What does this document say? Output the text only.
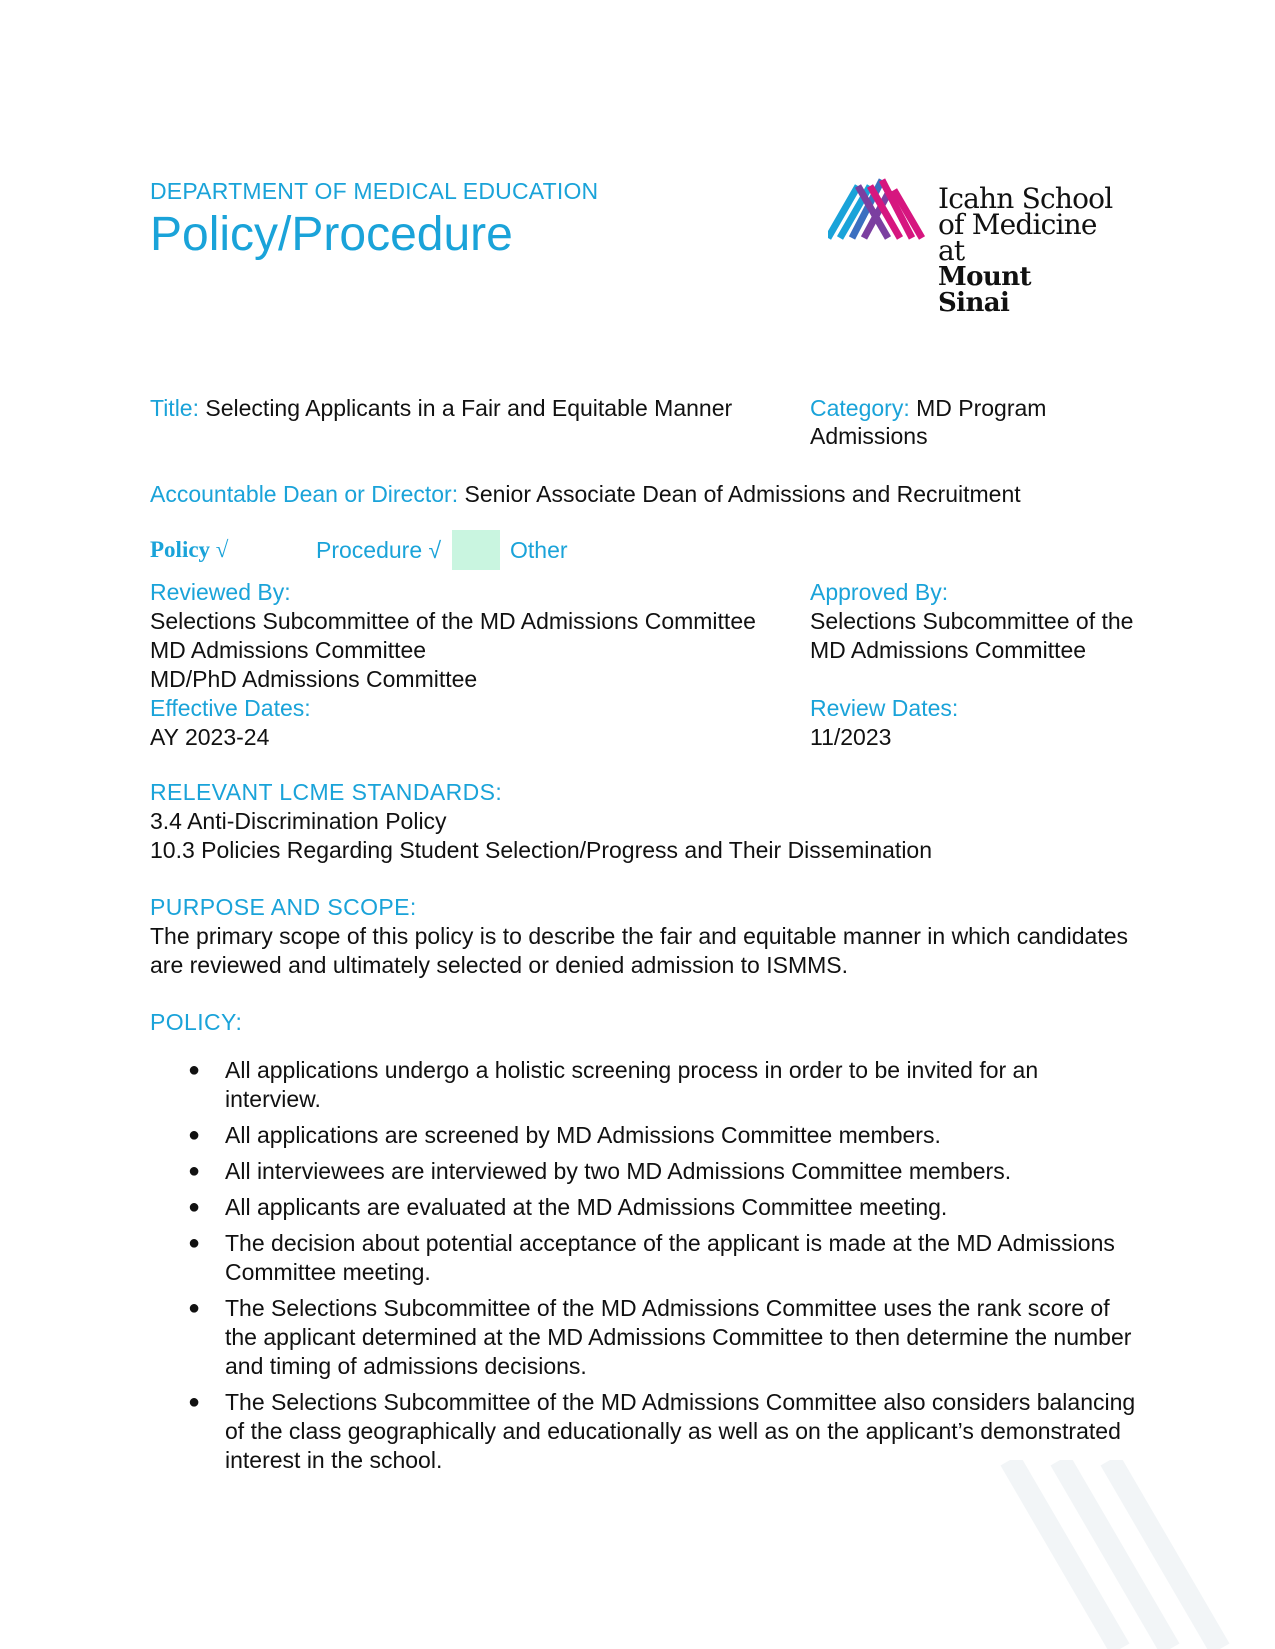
DEPARTMENT OF MEDICAL EDUCATION
Policy/Procedure
Icahn School
of Medicine at
Mount
Sinai
Title: Selecting Applicants in a Fair and Equitable Manner	Category: MD Program
Admissions
Accountable Dean or Director: Senior Associate Dean of Admissions and Recruitment
Policy √	Procedure √	Other
Reviewed By:
Selections Subcommittee of the MD Admissions Committee
MD Admissions Committee
MD/PhD Admissions Committee
Effective Dates:
AY 2023-24
Approved By:
Selections Subcommittee of the
MD Admissions Committee
Review Dates:
11/2023
RELEVANT LCME STANDARDS:
3.4 Anti-Discrimination Policy
10.3 Policies Regarding Student Selection/Progress and Their Dissemination
PURPOSE AND SCOPE:
The primary scope of this policy is to describe the fair and equitable manner in which candidates are reviewed and ultimately selected or denied admission to ISMMS.
POLICY:
● All applications undergo a holistic screening process in order to be invited for an interview.
● All applications are screened by MD Admissions Committee members.
● All interviewees are interviewed by two MD Admissions Committee members.
● All applicants are evaluated at the MD Admissions Committee meeting.
● The decision about potential acceptance of the applicant is made at the MD Admissions Committee meeting.
● The Selections Subcommittee of the MD Admissions Committee uses the rank score of the applicant determined at the MD Admissions Committee to then determine the number and timing of admissions decisions.
● The Selections Subcommittee of the MD Admissions Committee also considers balancing of the class geographically and educationally as well as on the applicant’s demonstrated interest in the school.
